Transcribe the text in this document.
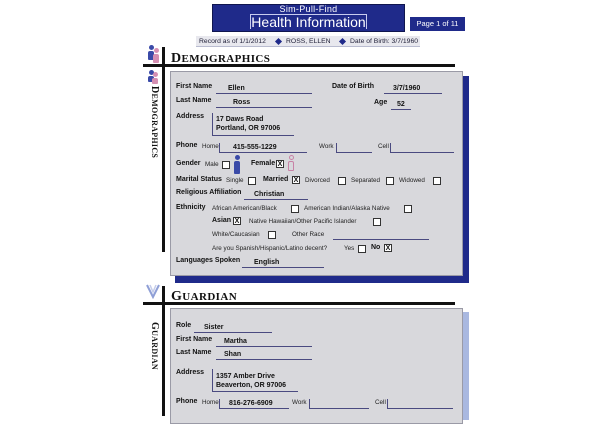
Sim-Pull-Find
Health Information	Page 1 of 11
Record as of 1/1/2012	ROSS, ELLEN	Date of Birth: 3/7/1960
DEMOGRAPHICS
DEMOGRAPHICS
First Name Ellen	Date of Birth	3/7/1960
Last Name	Ross	Age 52
Address 17 Daws Road
Portland, OR 97006
Phone Home 415-555-1229	Work	Cell
Gender Male	Female X
Marital Status Single	Married X Divorced	Separated	Widowed
Religious Affiliation Christian
Ethnicity African American/Black	American Indian/Alaska Native
Asian X Native Hawaiian/Other Pacific Islander
White/Caucasian	Other Race
Are you Spanish/Hispanic/Latino decent?	Yes No X
Languages Spoken English
GUARDIAN
GUARDIAN
Role Sister
First Name Martha
Last Name Shan
Address
1357 Amber Drive
Beaverton, OR 97006
Phone Home 816-276-6909	Work	Cell
